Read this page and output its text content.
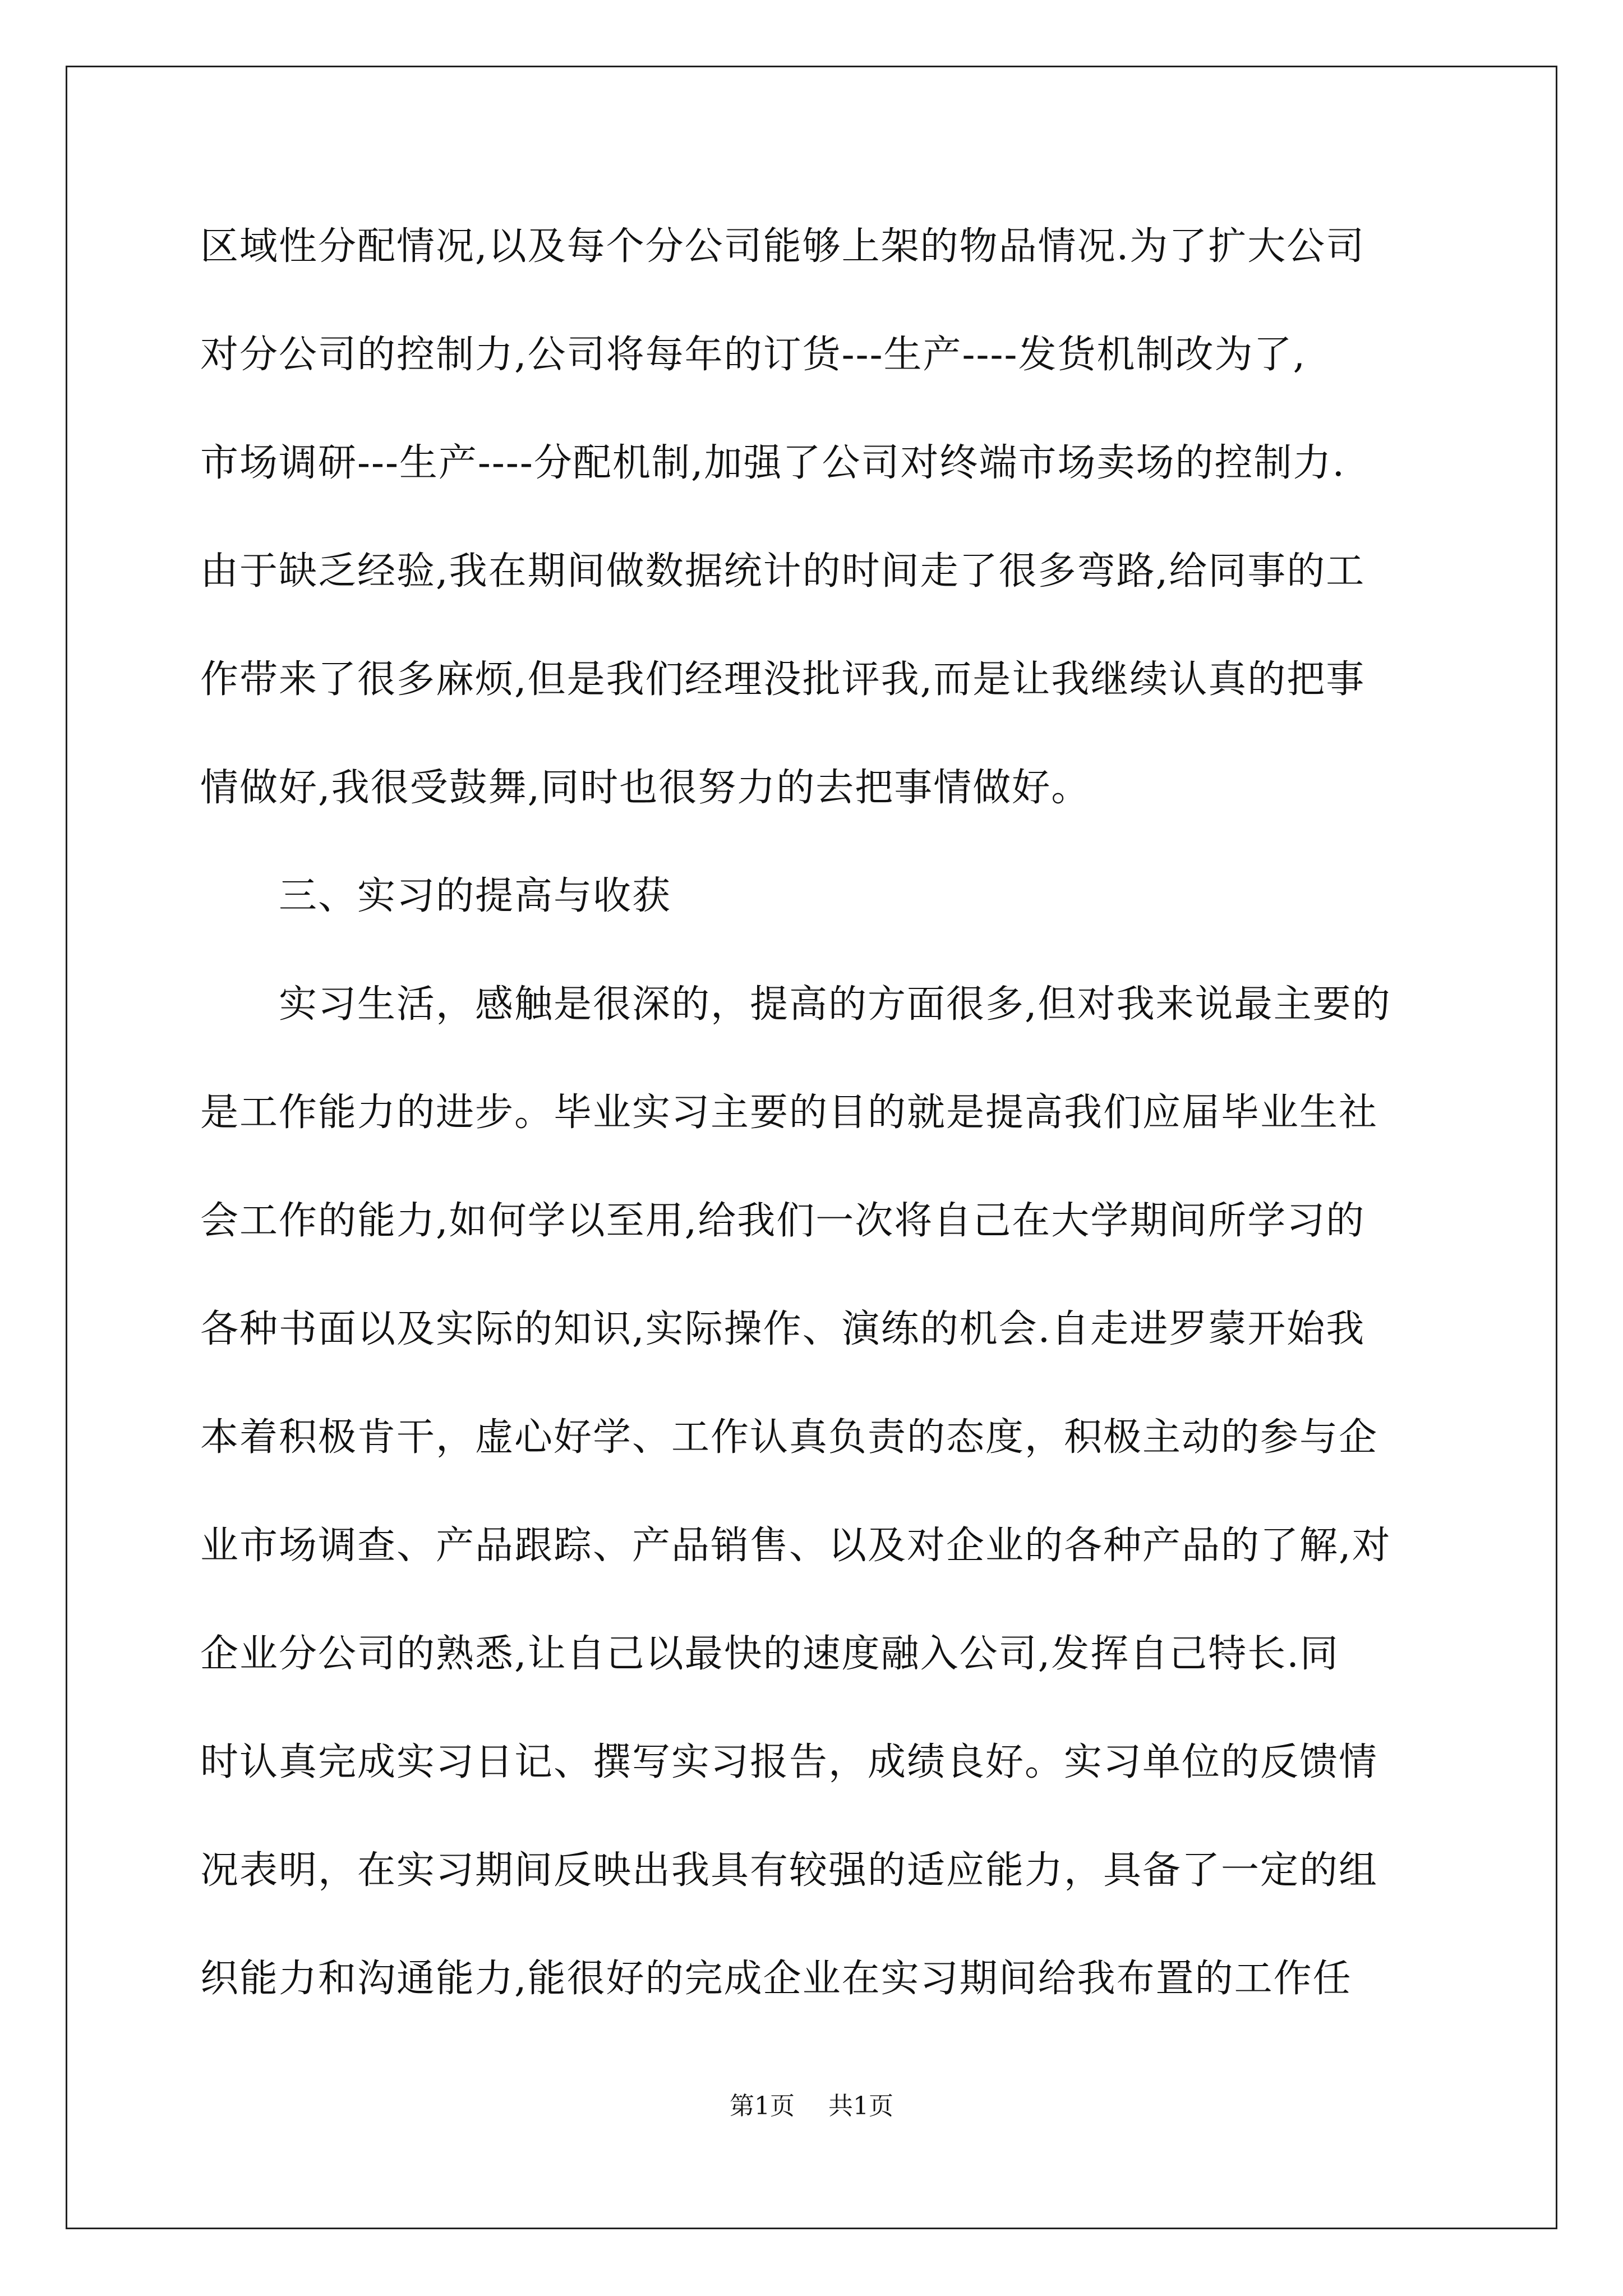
区域性分配情况,以及每个分公司能够上架的物品情况.为了扩大公司
对分公司的控制力,公司将每年的订货---生产----发货机制改为了,
市场调研---生产----分配机制,加强了公司对终端市场卖场的控制力.
由于缺乏经验,我在期间做数据统计的时间走了很多弯路,给同事的工
作带来了很多麻烦,但是我们经理没批评我,而是让我继续认真的把事
情做好,我很受鼓舞,同时也很努力的去把事情做好。
三、实习的提高与收获
实习生活，感触是很深的，提高的方面很多,但对我来说最主要的
是工作能力的进步。毕业实习主要的目的就是提高我们应届毕业生社
会工作的能力,如何学以至用,给我们一次将自己在大学期间所学习的
各种书面以及实际的知识,实际操作、演练的机会.自走进罗蒙开始我
本着积极肯干，虚心好学、工作认真负责的态度，积极主动的参与企
业市场调查、产品跟踪、产品销售、以及对企业的各种产品的了解,对
企业分公司的熟悉,让自己以最快的速度融入公司,发挥自己特长.同
时认真完成实习日记、撰写实习报告，成绩良好。实习单位的反馈情
况表明，在实习期间反映出我具有较强的适应能力，具备了一定的组
织能力和沟通能力,能很好的完成企业在实习期间给我布置的工作任
第1页 共1页
